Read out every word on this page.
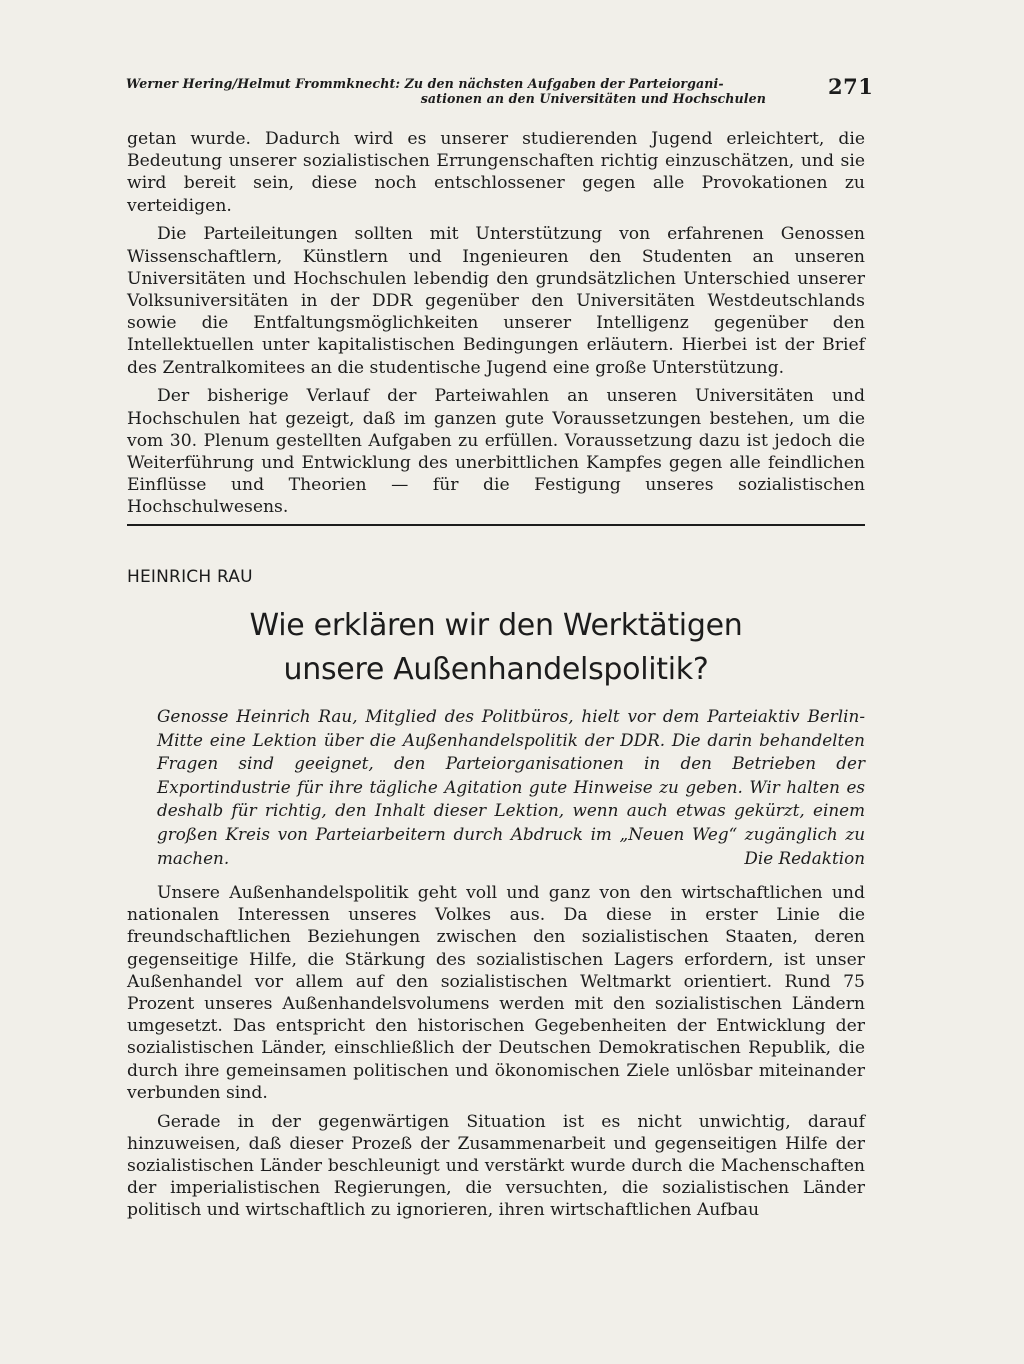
Werner Hering/Helmut Frommknecht: Zu den nächsten Aufgaben der Parteiorgani-
sationen an den Universitäten und Hochschulen	271

getan wurde. Dadurch wird es unserer studierenden Jugend erleichtert, die Bedeutung unserer sozialistischen Errungenschaften richtig einzuschätzen, und sie wird bereit sein, diese noch entschlossener gegen alle Provokationen zu verteidigen.

Die Parteileitungen sollten mit Unterstützung von erfahrenen Genossen Wissenschaftlern, Künstlern und Ingenieuren den Studenten an unseren Universitäten und Hochschulen lebendig den grundsätzlichen Unterschied unserer Volksuniversitäten in der DDR gegenüber den Universitäten Westdeutschlands sowie die Entfaltungsmöglichkeiten unserer Intelligenz gegenüber den Intellektuellen unter kapitalistischen Bedingungen erläutern. Hierbei ist der Brief des Zentralkomitees an die studentische Jugend eine große Unterstützung.

Der bisherige Verlauf der Parteiwahlen an unseren Universitäten und Hochschulen hat gezeigt, daß im ganzen gute Voraussetzungen bestehen, um die vom 30. Plenum gestellten Aufgaben zu erfüllen. Voraussetzung dazu ist jedoch die Weiterführung und Entwicklung des unerbittlichen Kampfes gegen alle feindlichen Einflüsse und Theorien — für die Festigung unseres sozialistischen Hochschulwesens.

HEINRICH RAU
Wie erklären wir den Werktätigen
unsere Außenhandelspolitik?
Genosse Heinrich Rau, Mitglied des Politbüros, hielt vor dem Parteiaktiv Berlin-Mitte eine Lektion über die Außenhandelspolitik der DDR. Die darin behandelten Fragen sind geeignet, den Parteiorganisationen in den Betrieben der Exportindustrie für ihre tägliche Agitation gute Hinweise zu geben. Wir halten es deshalb für richtig, den Inhalt dieser Lektion, wenn auch etwas gekürzt, einem großen Kreis von Parteiarbeitern durch Abdruck im „Neuen Weg“ zugänglich zu machen.	Die Redaktion

Unsere Außenhandelspolitik geht voll und ganz von den wirtschaftlichen und nationalen Interessen unseres Volkes aus. Da diese in erster Linie die freundschaftlichen Beziehungen zwischen den sozialistischen Staaten, deren gegenseitige Hilfe, die Stärkung des sozialistischen Lagers erfordern, ist unser Außenhandel vor allem auf den sozialistischen Weltmarkt orientiert. Rund 75 Prozent unseres Außenhandelsvolumens werden mit den sozialistischen Ländern umgesetzt. Das entspricht den historischen Gegebenheiten der Entwicklung der sozialistischen Länder, einschließlich der Deutschen Demokratischen Republik, die durch ihre gemeinsamen politischen und ökonomischen Ziele unlösbar miteinander verbunden sind.

Gerade in der gegenwärtigen Situation ist es nicht unwichtig, darauf hinzuweisen, daß dieser Prozeß der Zusammenarbeit und gegenseitigen Hilfe der sozialistischen Länder beschleunigt und verstärkt wurde durch die Machenschaften der imperialistischen Regierungen, die versuchten, die sozialistischen Länder politisch und wirtschaftlich zu ignorieren, ihren wirtschaftlichen Aufbau
